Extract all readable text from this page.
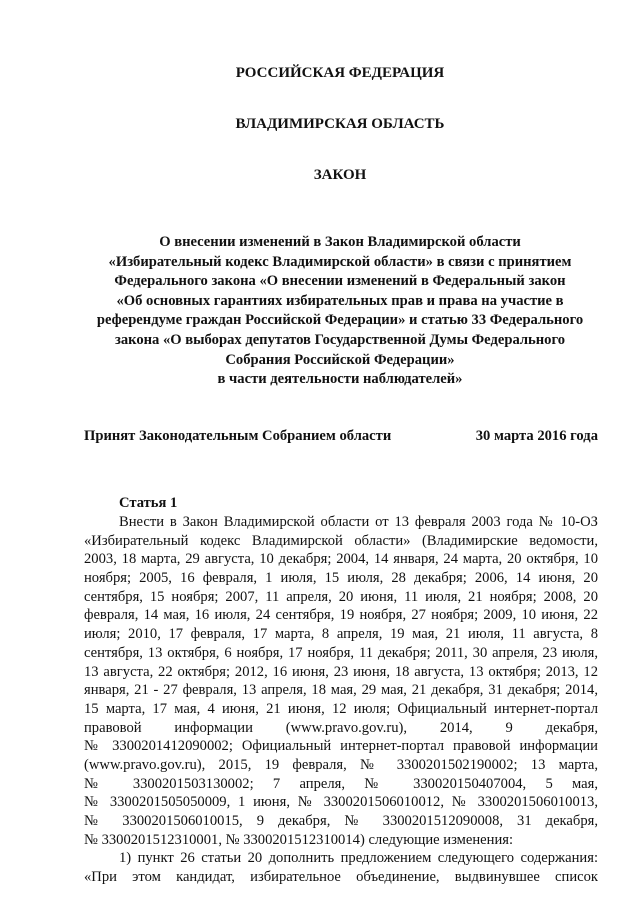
РОССИЙСКАЯ ФЕДЕРАЦИЯ
ВЛАДИМИРСКАЯ ОБЛАСТЬ
ЗАКОН
О внесении изменений в Закон Владимирской области
«Избирательный кодекс Владимирской области» в связи с принятием
Федерального закона «О внесении изменений в Федеральный закон
«Об основных гарантиях избирательных прав и права на участие в
референдуме граждан Российской Федерации» и статью 33 Федерального
закона «О выборах депутатов Государственной Думы Федерального
Собрания Российской Федерации»
в части деятельности наблюдателей»
Принят Законодательным Собранием области	30 марта 2016 года
Статья 1
Внести в Закон Владимирской области от 13 февраля 2003 года № 10-ОЗ
«Избирательный кодекс Владимирской области» (Владимирские ведомости,
2003, 18 марта, 29 августа, 10 декабря; 2004, 14 января, 24 марта, 20 октября, 10
ноября; 2005, 16 февраля, 1 июля, 15 июля, 28 декабря; 2006, 14 июня, 20
сентября, 15 ноября; 2007, 11 апреля, 20 июня, 11 июля, 21 ноября; 2008, 20
февраля, 14 мая, 16 июля, 24 сентября, 19 ноября, 27 ноября; 2009, 10 июня, 22
июля; 2010, 17 февраля, 17 марта, 8 апреля, 19 мая, 21 июля, 11 августа, 8
сентября, 13 октября, 6 ноября, 17 ноября, 11 декабря; 2011, 30 апреля, 23 июля,
13 августа, 22 октября; 2012, 16 июня, 23 июня, 18 августа, 13 октября; 2013, 12
января, 21 - 27 февраля, 13 апреля, 18 мая, 29 мая, 21 декабря, 31 декабря; 2014,
15 марта, 17 мая, 4 июня, 21 июня, 12 июля; Официальный интернет-портал
правовой информации (www.pravo.gov.ru), 2014, 9 декабря,
№ 3300201412090002; Официальный интернет-портал правовой информации
(www.pravo.gov.ru), 2015, 19 февраля, № 3300201502190002; 13 марта,
№ 3300201503130002; 7 апреля, № 330020150407004, 5 мая,
№ 3300201505050009, 1 июня, № 3300201506010012, № 3300201506010013,
№ 3300201506010015, 9 декабря, № 3300201512090008, 31 декабря,
№ 3300201512310001, № 3300201512310014) следующие изменения:
1) пункт 26 статьи 20 дополнить предложением следующего содержания:
«При этом кандидат, избирательное объединение, выдвинувшее список
